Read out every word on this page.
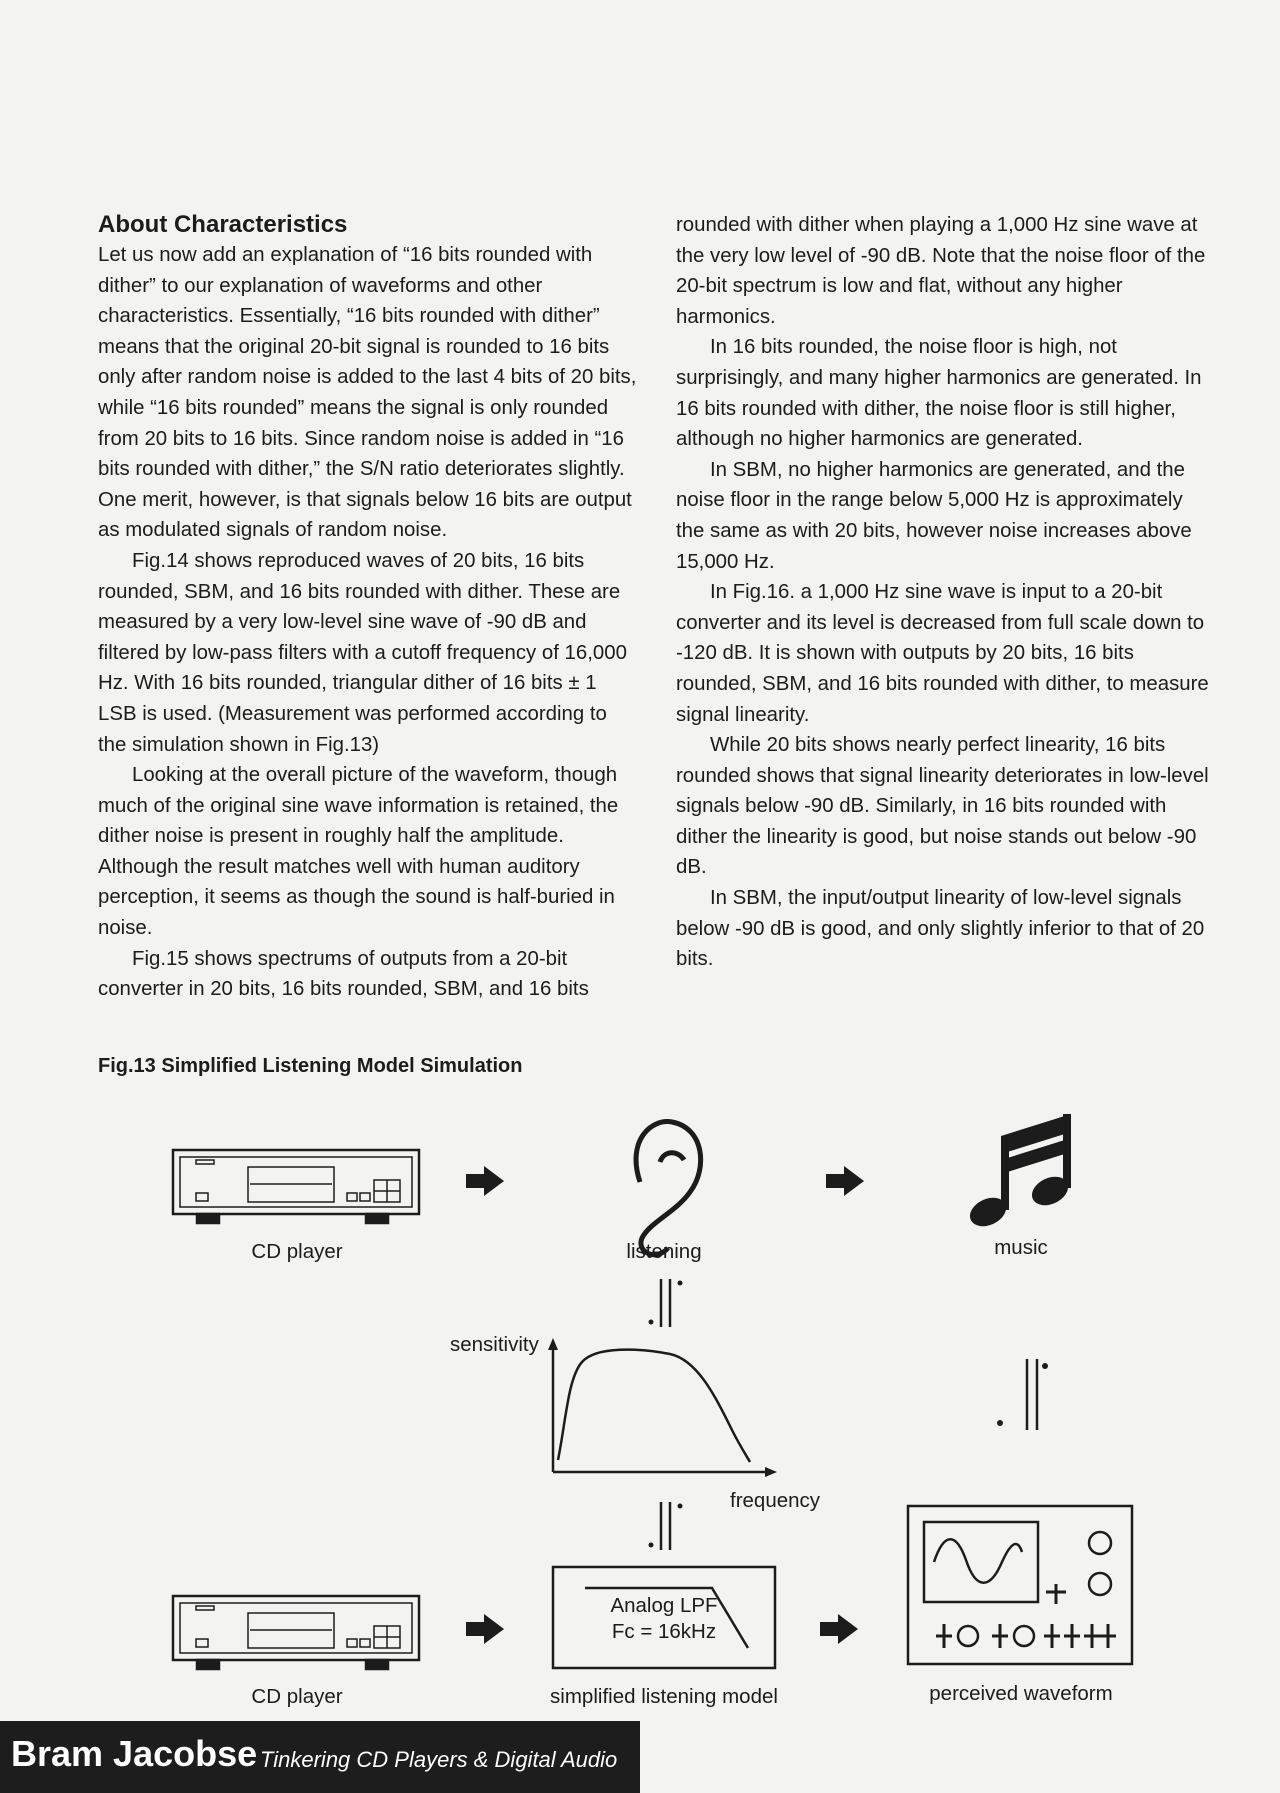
About Characteristics

Let us now add an explanation of “16 bits rounded with dither” to our explanation of waveforms and other characteristics. Essentially, “16 bits rounded with dither” means that the original 20-bit signal is rounded to 16 bits only after random noise is added to the last 4 bits of 20 bits, while “16 bits rounded” means the signal is only rounded from 20 bits to 16 bits. Since random noise is added in “16 bits rounded with dither,” the S/N ratio deteriorates slightly. One merit, however, is that signals below 16 bits are output as modulated signals of random noise.

Fig.14 shows reproduced waves of 20 bits, 16 bits rounded, SBM, and 16 bits rounded with dither. These are measured by a very low-level sine wave of -90 dB and filtered by low-pass filters with a cutoff frequency of 16,000 Hz. With 16 bits rounded, triangular dither of 16 bits ± 1 LSB is used. (Measurement was performed according to the simulation shown in Fig.13)

Looking at the overall picture of the waveform, though much of the original sine wave information is retained, the dither noise is present in roughly half the amplitude. Although the result matches well with human auditory perception, it seems as though the sound is half-buried in noise.

Fig.15 shows spectrums of outputs from a 20-bit converter in 20 bits, 16 bits rounded, SBM, and 16 bits

rounded with dither when playing a 1,000 Hz sine wave at the very low level of -90 dB. Note that the noise floor of the 20-bit spectrum is low and flat, without any higher harmonics.

In 16 bits rounded, the noise floor is high, not surprisingly, and many higher harmonics are generated. In 16 bits rounded with dither, the noise floor is still higher, although no higher harmonics are generated.

In SBM, no higher harmonics are generated, and the noise floor in the range below 5,000 Hz is approximately the same as with 20 bits, however noise increases above 15,000 Hz.

In Fig.16. a 1,000 Hz sine wave is input to a 20-bit converter and its level is decreased from full scale down to -120 dB. It is shown with outputs by 20 bits, 16 bits rounded, SBM, and 16 bits rounded with dither, to measure signal linearity.

While 20 bits shows nearly perfect linearity, 16 bits rounded shows that signal linearity deteriorates in low-level signals below -90 dB. Similarly, in 16 bits rounded with dither the linearity is good, but noise stands out below -90 dB.

In SBM, the input/output linearity of low-level signals below -90 dB is good, and only slightly inferior to that of 20 bits.

Fig.13 Simplified Listening Model Simulation
CD player	listening	music
sensitivity
frequency
Analog LPF
Fc = 16kHz
CD player	simplified listening model	perceived waveform
Bram Jacobse Tinkering CD Players & Digital Audio
